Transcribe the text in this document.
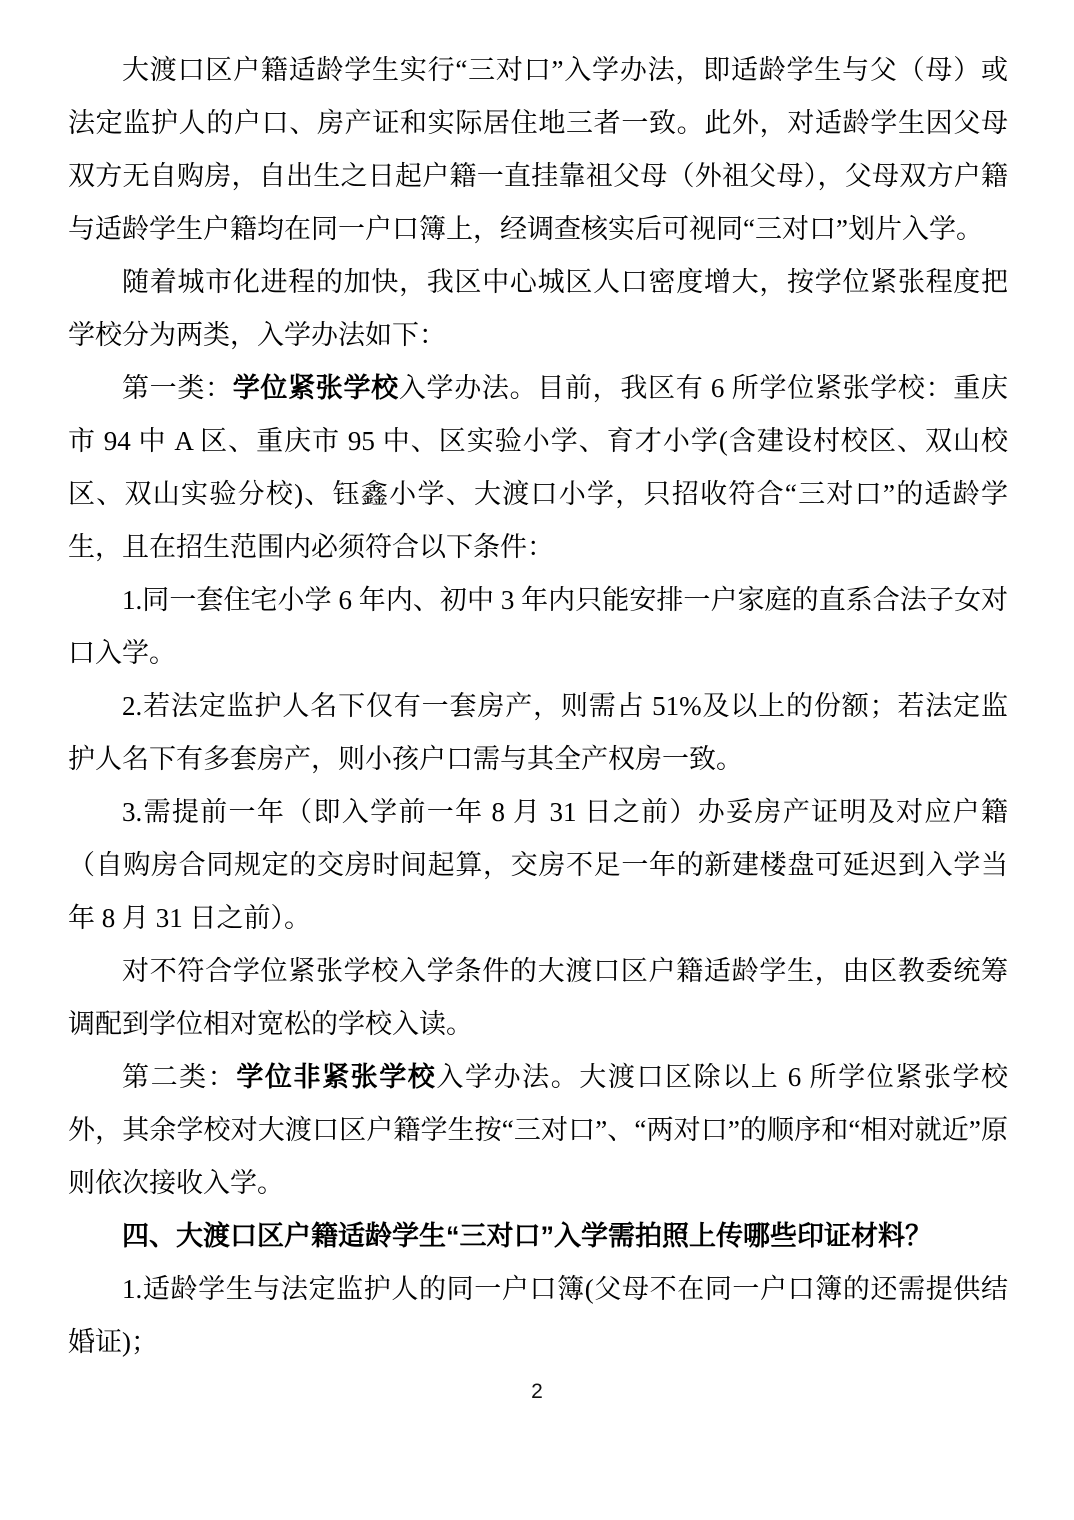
大渡口区户籍适龄学生实行“三对口”入学办法，即适龄学生与父（母）或法定监护人的户口、房产证和实际居住地三者一致。此外，对适龄学生因父母双方无自购房，自出生之日起户籍一直挂靠祖父母（外祖父母），父母双方户籍与适龄学生户籍均在同一户口簿上，经调查核实后可视同“三对口”划片入学。

随着城市化进程的加快，我区中心城区人口密度增大，按学位紧张程度把学校分为两类，入学办法如下：

第一类：学位紧张学校入学办法。目前，我区有 6 所学位紧张学校：重庆市 94 中 A 区、重庆市 95 中、区实验小学、育才小学(含建设村校区、双山校区、双山实验分校)、钰鑫小学、大渡口小学，只招收符合“三对口”的适龄学生，且在招生范围内必须符合以下条件：

1.同一套住宅小学 6 年内、初中 3 年内只能安排一户家庭的直系合法子女对口入学。

2.若法定监护人名下仅有一套房产，则需占 51%及以上的份额；若法定监护人名下有多套房产，则小孩户口需与其全产权房一致。

3.需提前一年（即入学前一年 8 月 31 日之前）办妥房产证明及对应户籍（自购房合同规定的交房时间起算，交房不足一年的新建楼盘可延迟到入学当年 8 月 31 日之前）。

对不符合学位紧张学校入学条件的大渡口区户籍适龄学生，由区教委统筹调配到学位相对宽松的学校入读。

第二类：学位非紧张学校入学办法。大渡口区除以上 6 所学位紧张学校外，其余学校对大渡口区户籍学生按“三对口”、“两对口”的顺序和“相对就近”原则依次接收入学。

四、大渡口区户籍适龄学生“三对口”入学需拍照上传哪些印证材料？

1.适龄学生与法定监护人的同一户口簿(父母不在同一户口簿的还需提供结婚证)；

2
